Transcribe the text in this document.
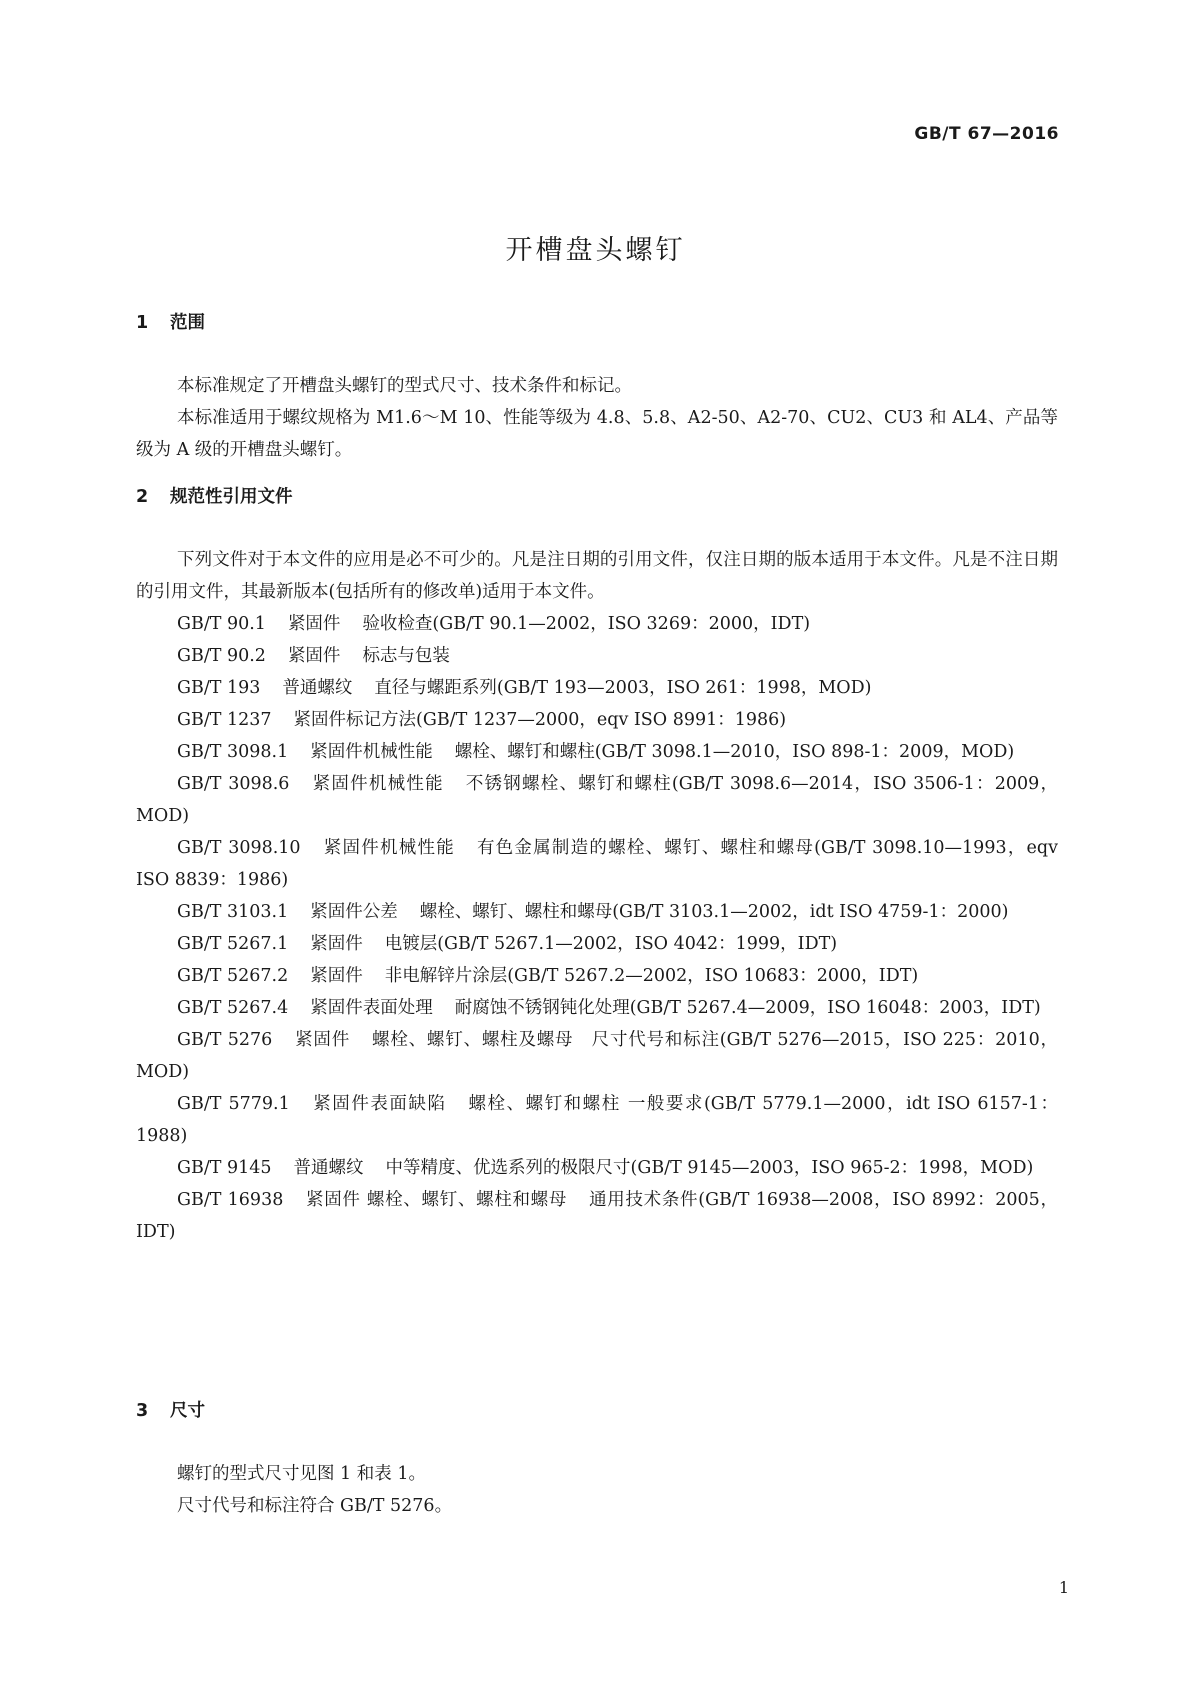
GB/T 67—2016
开槽盘头螺钉
1 范围

本标准规定了开槽盘头螺钉的型式尺寸、技术条件和标记。

本标准适用于螺纹规格为 M1.6～M 10、性能等级为 4.8、5.8、A2-50、A2-70、CU2、CU3 和 AL4、产品等级为 A 级的开槽盘头螺钉。

2 规范性引用文件

下列文件对于本文件的应用是必不可少的。凡是注日期的引用文件，仅注日期的版本适用于本文件。凡是不注日期的引用文件，其最新版本(包括所有的修改单)适用于本文件。

GB/T 90.1 紧固件 验收检查(GB/T 90.1—2002，ISO 3269：2000，IDT)

GB/T 90.2 紧固件 标志与包装

GB/T 193 普通螺纹 直径与螺距系列(GB/T 193—2003，ISO 261：1998，MOD)

GB/T 1237 紧固件标记方法(GB/T 1237—2000，eqv ISO 8991：1986)

GB/T 3098.1 紧固件机械性能 螺栓、螺钉和螺柱(GB/T 3098.1—2010，ISO 898-1：2009，MOD)

GB/T 3098.6 紧固件机械性能 不锈钢螺栓、螺钉和螺柱(GB/T 3098.6—2014，ISO 3506-1：2009，MOD)

GB/T 3098.10 紧固件机械性能 有色金属制造的螺栓、螺钉、螺柱和螺母(GB/T 3098.10—1993，eqv ISO 8839：1986)

GB/T 3103.1 紧固件公差 螺栓、螺钉、螺柱和螺母(GB/T 3103.1—2002，idt ISO 4759-1：2000)

GB/T 5267.1 紧固件 电镀层(GB/T 5267.1—2002，ISO 4042：1999，IDT)

GB/T 5267.2 紧固件 非电解锌片涂层(GB/T 5267.2—2002，ISO 10683：2000，IDT)

GB/T 5267.4 紧固件表面处理 耐腐蚀不锈钢钝化处理(GB/T 5267.4—2009，ISO 16048：2003，IDT)

GB/T 5276 紧固件 螺栓、螺钉、螺柱及螺母　尺寸代号和标注(GB/T 5276—2015，ISO 225：2010，MOD)

GB/T 5779.1 紧固件表面缺陷 螺栓、螺钉和螺柱 一般要求(GB/T 5779.1—2000，idt ISO 6157-1：1988)

GB/T 9145 普通螺纹 中等精度、优选系列的极限尺寸(GB/T 9145—2003，ISO 965-2：1998，MOD)

GB/T 16938 紧固件 螺栓、螺钉、螺柱和螺母 通用技术条件(GB/T 16938—2008，ISO 8992：2005，IDT)

3 尺寸

螺钉的型式尺寸见图 1 和表 1。

尺寸代号和标注符合 GB/T 5276。

1
